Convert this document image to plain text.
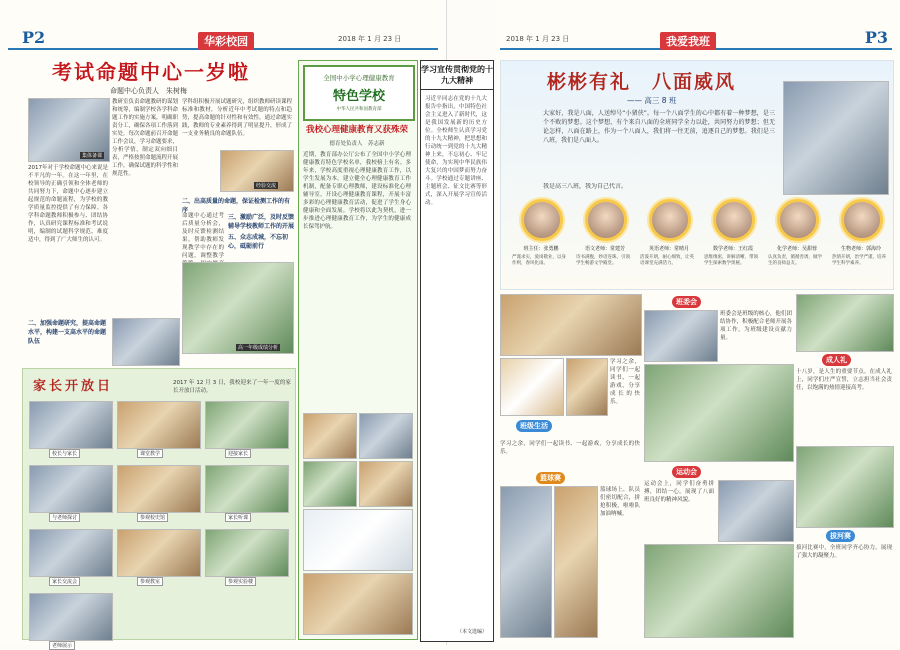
P2	华彩校园	2018 年 1 月 23 日
考试命题中心一岁啦
命题中心负责人　朱树梅
集体备课
2017年对于学校命题中心来说是不平凡的一年。在这一年里，在校领导的正确引领和全体老师的共同努力下，命题中心逐步建立起规范的命题流程，为学校的教学质量监控提供了有力保障。各学科命题教师积极参与、团结协作，认真研究课程标准和考试说明，编制的试题科学规范、难度适中，得到了广大师生的认可。
教研室负责命题教研的谋划和统筹，编制学校各学科命题工作的实施方案，明确职责分工，确保各项工作落到实处。每次命题前召开命题工作会议，学习命题要求，分析学情，制定双向细目表，严格按照命题流程开展工作，确保试题的科学性和规范性。
学科组积极开展试题研究，组织教师研读课程标准和教材，分析近年中考试题的特点和趋势，提高命题的针对性和有效性。通过命题实践，教师的专业素养得到了明显提升，形成了一支业务精良的命题队伍。
经验交流
二、出高质量的命题，保证检测工作的有序
三、激励广泛，及时反馈辅导学校教师工作的开展
命题中心通过考后质量分析会，及时反馈检测结果，帮助教师发现教学中存在的问题，调整教学
五、众志成城，不忘初心，砥砺前行
二、加强命题研究，提高命题水平，构建一支高水平的命题队伍
高一年级成绩分析
家长开放日	2017 年 12 月 3 日，我校迎来了一年一度的家长开放日活动。
校长与家长	课堂教学	迎接家长
与老师探讨	参观校史馆	家长听课
家长交流会	参观教室	参观实验楼
老师展示
全国中小学心理健康教育
特色学校
中华人民共和国教育部
我校心理健康教育又获殊荣
德育处负责人　苏志新
近期，教育部办公厅公布了全国中小学心理健康教育特色学校名单，我校榜上有名。多年来，学校高度重视心理健康教育工作，以学生发展为本，建立健全心理健康教育工作机制，配备专职心理教师，建设标准化心理辅导室，开设心理健康教育课程，开展丰富多彩的心理健康教育活动，促进了学生身心健康和全面发展。学校将以此为契机，进一步推进心理健康教育工作，为学生的健康成长保驾护航。
学习宣传贯彻党的十九大精神
习近平同志在党的十九大报告中指出，中国特色社会主义进入了新时代，这是我国发展新的历史方位。全校师生认真学习党的十九大精神，把思想和行动统一到党的十九大精神上来，不忘初心、牢记使命，为实现中华民族伟大复兴的中国梦而努力奋斗。学校通过专题讲座、主题班会、征文比赛等形式，深入开展学习宣传活动。
（本文选编）
2018 年 1 月 23 日	我爱我班	P3
彬彬有礼　八面威风
—— 高三 8 班
大家好，我是八面，人送绰号“小猪侠”。每一个八面学生的心中都有着一种梦想，是三个不败的梦想。这个梦想，有个来自八面的全班同学全力以赴，共同努力的梦想；但无论怎样，八面在路上，作为一个八面人，我们将一往无前，追逐自己的梦想。我们是三八班，我们是八面人。
我是高三八班，我为自己代言。
班主任：张勇鹏
严谨求实，爱岗敬业，以身作则，春风化雨。
语文老师：常建芳
诗书满腹，妙语连珠，引领学生畅游文学殿堂。
英语老师：常晴月
活泼开朗，耐心细致，让英语课堂充满活力。
数学老师：王红霞
思维缜密，讲解清晰，带领学生探索数学奥秘。
化学老师：吴甜蓉
认真负责，循循善诱，做学生的良师益友。
生物老师：郭海玲
热情开朗，治学严谨，培养学生科学素养。
班级生活
学习之余，同学们一起读书、一起游戏，分享成长的快乐。
学习之余，同学们一起读书、一起游戏，分享成长的快乐。
班委会
班委会是班级的核心，他们团结协作，积极配合老师开展各项工作，为班级建设贡献力量。
成人礼
十八岁，是人生的重要节点。在成人礼上，同学们庄严宣誓，立志担当社会责任，以饱满的热情迎接高考。
篮球赛
篮球场上，队员们密切配合，拼抢积极，啦啦队加油呐喊。
运动会
运动会上，同学们奋勇拼搏，团结一心，展现了八面班良好的精神风貌。
拔河赛
拔河比赛中，全班同学齐心协力，展现了强大的凝聚力。
